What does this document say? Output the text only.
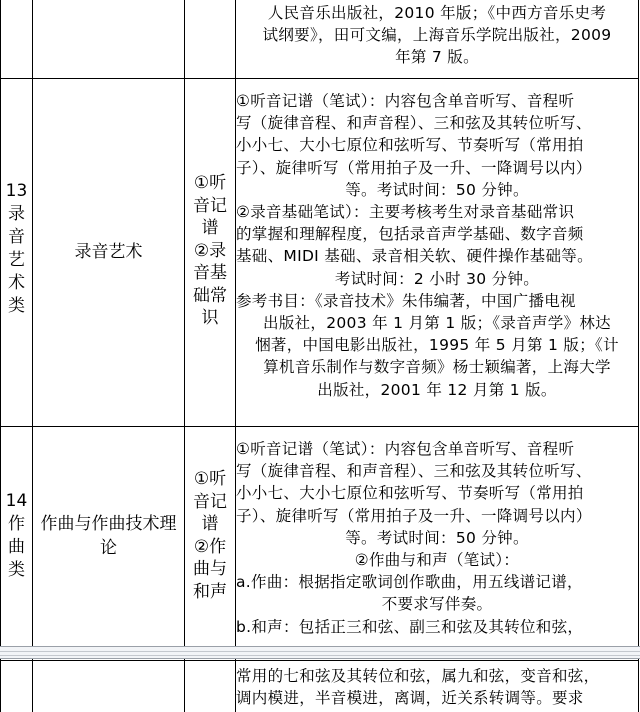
人民音乐出版社，2010 年版；《中西方音乐史考
试纲要》，田可文编，上海音乐学院出版社，2009
年第 7 版。
13
录
音
艺
术
类
录音艺术
①听
音记
谱
②录
音基
础常
识
①听音记谱（笔试）：内容包含单音听写、音程听
写（旋律音程、和声音程）、三和弦及其转位听写、
小小七、大小七原位和弦听写、节奏听写（常用拍
子）、旋律听写（常用拍子及一升、一降调号以内）
等。考试时间：50 分钟。
②录音基础笔试）：主要考核考生对录音基础常识
的掌握和理解程度，包括录音声学基础、数字音频
基础、MIDI 基础、录音相关软、硬件操作基础等。
考试时间：2 小时 30 分钟。
参考书目：《录音技术》朱伟编著，中国广播电视
出版社，2003 年 1 月第 1 版；《录音声学》林达
悃著，中国电影出版社，1995 年 5 月第 1 版；《计
算机音乐制作与数字音频》杨士颖编著，上海大学
出版社，2001 年 12 月第 1 版。
14
作
曲
类
作曲与作曲技术理
论
①听
音记
谱
②作
曲与
和声
①听音记谱（笔试）：内容包含单音听写、音程听
写（旋律音程、和声音程）、三和弦及其转位听写、
小小七、大小七原位和弦听写、节奏听写（常用拍
子）、旋律听写（常用拍子及一升、一降调号以内）
等。考试时间：50 分钟。
②作曲与和声（笔试）：
a.作曲：根据指定歌词创作歌曲，用五线谱记谱，
不要求写伴奏。
b.和声：包括正三和弦、副三和弦及其转位和弦，
常用的七和弦及其转位和弦，属九和弦，变音和弦，
调内模进，半音模进，离调，近关系转调等。要求
